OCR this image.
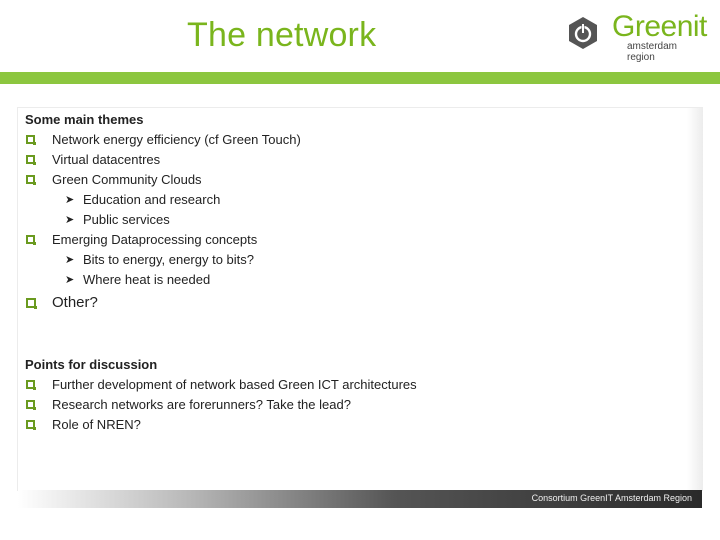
The network	Greenit
amsterdam region
Some main themes
Network energy efficiency (cf Green Touch)
Virtual datacentres
Green Community Clouds
➤ Education and research
➤ Public services
Emerging Dataprocessing concepts
➤ Bits to energy, energy to bits?
➤ Where heat is needed
Other?
Points for discussion
Further development of network based Green ICT architectures
Research networks are forerunners? Take the lead?
Role of NREN?
Consortium GreenIT Amsterdam Region
